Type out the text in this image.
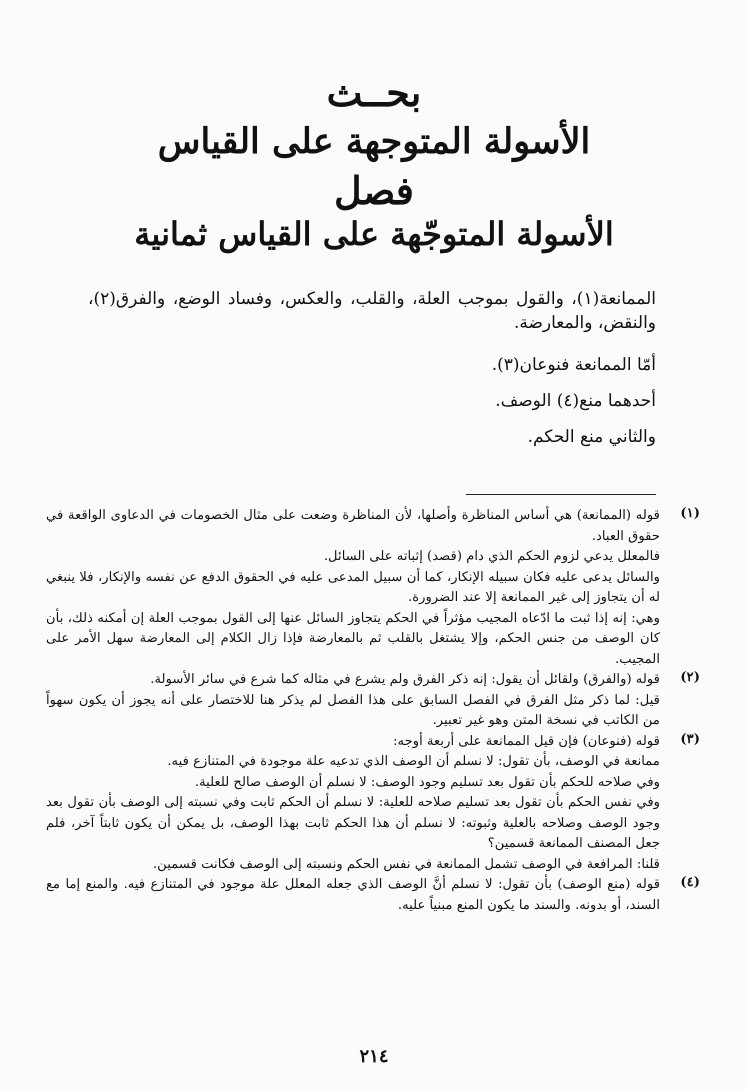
بحــث
الأسولة المتوجهة على القياس
فصل
الأسولة المتوجّهة على القياس ثمانية
الممانعة(١)، والقول بموجب العلة، والقلب، والعكس، وفساد الوضع، والفرق(٢)، والنقض، والمعارضة.
أمّا الممانعة فنوعان(٣).
أحدهما منع(٤) الوصف.
والثاني منع الحكم.
(١)
قوله (الممانعة) هي أساس المناظرة وأصلها، لأن المناظرة وضعت على مثال الخصومات في الدعاوى الواقعة في حقوق العباد.
فالمعلل يدعي لزوم الحكم الذي دام (قصد) إثباته على السائل.
والسائل يدعى عليه فكان سبيله الإنكار، كما أن سبيل المدعى عليه في الحقوق الدفع عن نفسه والإنكار، فلا ينبغي له أن يتجاوز إلى غير الممانعة إلا عند الضرورة.
وهي: إنه إذا ثبت ما ادّعاه المجيب مؤثراً في الحكم يتجاوز السائل عنها إلى القول بموجب العلة إن أمكنه ذلك، بأن كان الوصف من جنس الحكم، وإلا يشتغل بالقلب ثم بالمعارضة فإذا زال الكلام إلى المعارضة سهل الأمر على المجيب.
(٢)
قوله (والفرق) ولقائل أن يقول: إنه ذكر الفرق ولم يشرع في مثاله كما شرع في سائر الأسولة.
قيل: لما ذكر مثل الفرق في الفصل السابق على هذا الفصل لم يذكر هنا للاختصار على أنه يجوز أن يكون سهواً من الكاتب في نسخة المتن وهو غير تعبير.
(٣)
قوله (فنوعان) فإن قيل الممانعة على أربعة أوجه:
ممانعة في الوصف، بأن تقول: لا نسلم أن الوصف الذي تدعيه علة موجودة في المتنازع فيه.
وفي صلاحه للحكم بأن تقول بعد تسليم وجود الوصف: لا نسلم أن الوصف صالح للعلية.
وفي نفس الحكم بأن تقول بعد تسليم صلاحه للعلية: لا نسلم أن الحكم ثابت وفي نسبته إلى الوصف بأن تقول بعد وجود الوصف وصلاحه بالعلية وثبوته: لا نسلم أن هذا الحكم ثابت بهذا الوصف، بل يمكن أن يكون ثابتاً آخر، فلم جعل المصنف الممانعة قسمين؟
قلنا: المرافعة في الوصف تشمل الممانعة في نفس الحكم ونسبته إلى الوصف فكانت قسمين.
(٤)
قوله (منع الوصف) بأن تقول: لا نسلم أنَّ الوصف الذي جعله المعلل علة موجود في المتنازع فيه. والمنع إما مع السند، أو بدونه. والسند ما يكون المنع مبنياً عليه.
٢١٤
